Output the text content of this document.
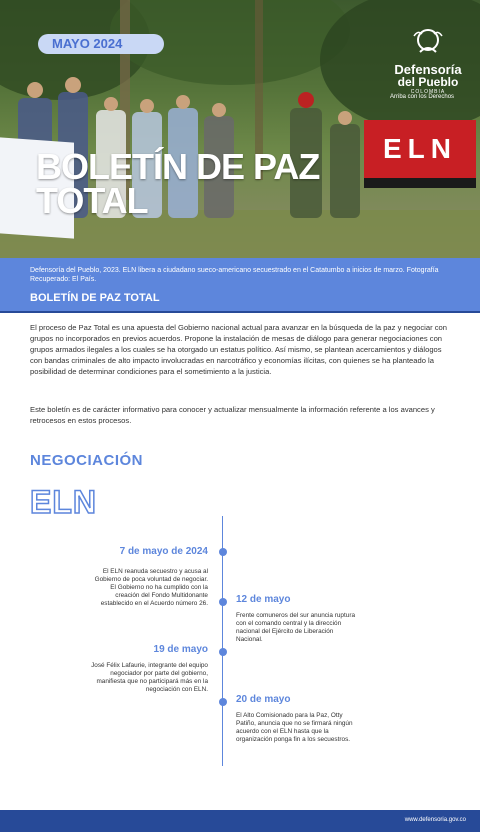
ELN
MAYO 2024
Defensoría
del Pueblo
COLOMBIA
Arriba con los Derechos
BOLETÍN DE PAZ TOTAL
Defensoría del Pueblo, 2023. ELN libera a ciudadano sueco-americano secuestrado en el Catatumbo a inicios de marzo. Fotografía Recuperado: El País.
BOLETÍN DE PAZ TOTAL

El proceso de Paz Total es una apuesta del Gobierno nacional actual para avanzar en la búsqueda de la paz y negociar con grupos no incorporados en previos acuerdos. Propone la instalación de mesas de diálogo para generar negociaciones con grupos armados ilegales a los cuales se ha otorgado un estatus político. Así mismo, se plantean acercamientos y diálogos con bandas criminales de alto impacto involucradas en narcotráfico y economías ilícitas, con quienes se ha planteado la posibilidad de determinar condiciones para el sometimiento a la justicia.

Este boletín es de carácter informativo para conocer y actualizar mensualmente la información referente a los avances y retrocesos en estos procesos.

NEGOCIACIÓN
ELN
7 de mayo de 2024

El ELN reanuda secuestro y acusa al Gobierno de poca voluntad de negociar. El Gobierno no ha cumplido con la creación del Fondo Multidonante establecido en el Acuerdo número 26.	12 de mayo

Frente comuneros del sur anuncia ruptura con el comando central y la dirección nacional del Ejército de Liberación Nacional.

19 de mayo

José Félix Lafaurie, integrante del equipo negociador por parte del gobierno, manifiesta que no participará más en la negociación con ELN.

20 de mayo

El Alto Comisionado para la Paz, Otty Patiño, anuncia que no se firmará ningún acuerdo con el ELN hasta que la organización ponga fin a los secuestros.

www.defensoria.gov.co
